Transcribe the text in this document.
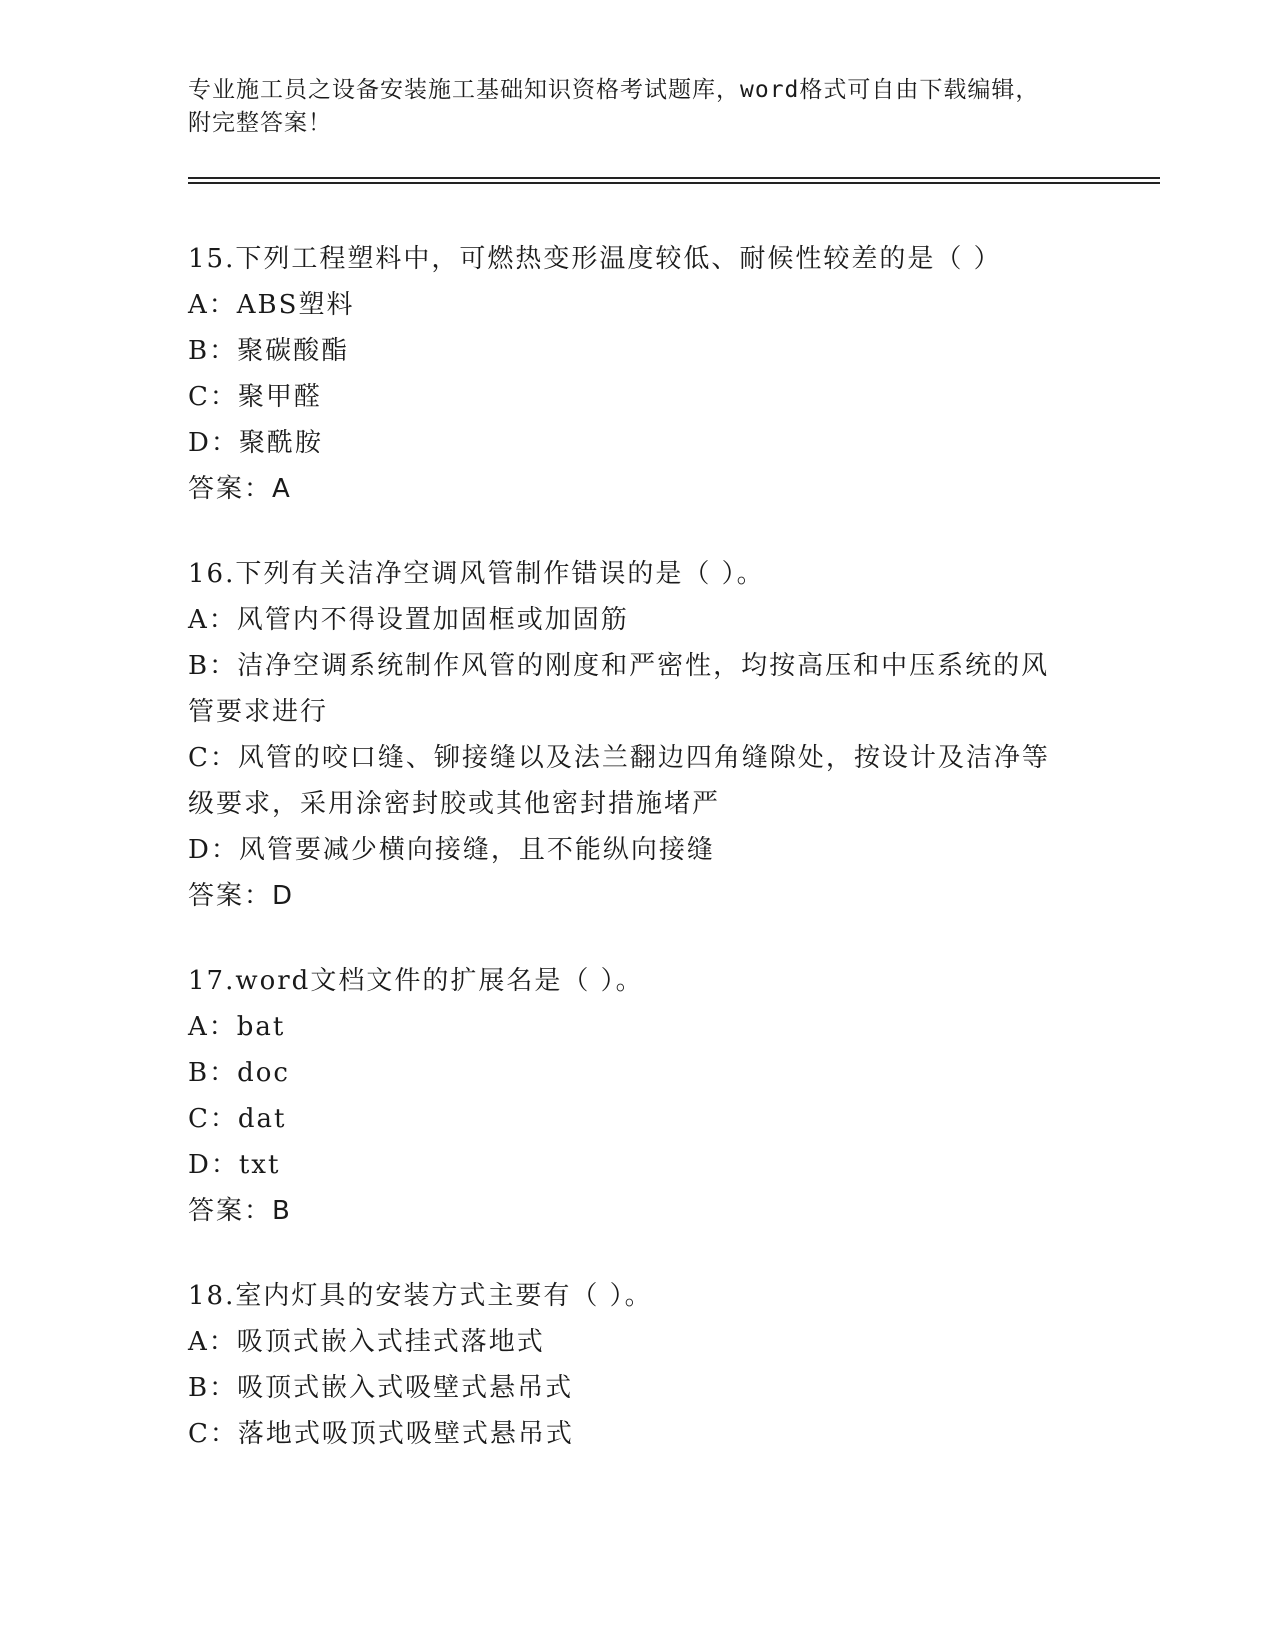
专业施工员之设备安装施工基础知识资格考试题库，word格式可自由下载编辑，
附完整答案！
15.下列工程塑料中，可燃热变形温度较低、耐候性较差的是（ ）
A：ABS塑料
B：聚碳酸酯
C：聚甲醛
D：聚酰胺
答案：A
16.下列有关洁净空调风管制作错误的是（ ）。
A：风管内不得设置加固框或加固筋
B：洁净空调系统制作风管的刚度和严密性，均按高压和中压系统的风
管要求进行
C：风管的咬口缝、铆接缝以及法兰翻边四角缝隙处，按设计及洁净等
级要求，采用涂密封胶或其他密封措施堵严
D：风管要减少横向接缝，且不能纵向接缝
答案：D
17.word文档文件的扩展名是（ ）。
A：bat
B：doc
C：dat
D：txt
答案：B
18.室内灯具的安装方式主要有（ ）。
A：吸顶式嵌入式挂式落地式
B：吸顶式嵌入式吸壁式悬吊式
C：落地式吸顶式吸壁式悬吊式
